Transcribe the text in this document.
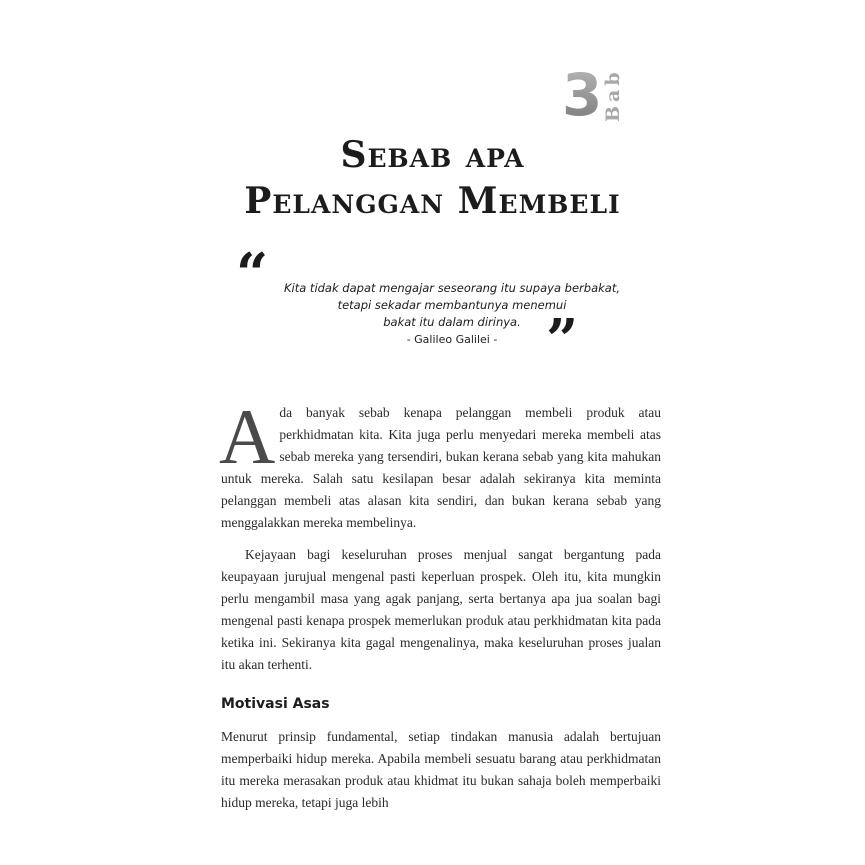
3 Bab
Sebab apa
Pelanggan Membeli
“	Kita tidak dapat mengajar seseorang itu supaya berbakat,
tetapi sekadar membantunya menemui
bakat itu dalam dirinya.
- Galileo Galilei - ”

Ada banyak sebab kenapa pelanggan membeli produk atau perkhidmatan kita. Kita juga perlu menyedari mereka membeli atas sebab mereka yang tersendiri, bukan kerana sebab yang kita mahukan untuk mereka. Salah satu kesilapan besar adalah sekiranya kita meminta pelanggan membeli atas alasan kita sendiri, dan bukan kerana sebab yang menggalakkan mereka membelinya.

Kejayaan bagi keseluruhan proses menjual sangat bergantung pada keupayaan jurujual mengenal pasti keperluan prospek. Oleh itu, kita mungkin perlu mengambil masa yang agak panjang, serta bertanya apa jua soalan bagi mengenal pasti kenapa prospek memerlukan produk atau perkhidmatan kita pada ketika ini. Sekiranya kita gagal mengenalinya, maka keseluruhan proses jualan itu akan terhenti.

Motivasi Asas

Menurut prinsip fundamental, setiap tindakan manusia adalah bertujuan memperbaiki hidup mereka. Apabila membeli sesuatu barang atau perkhidmatan itu mereka merasakan produk atau khidmat itu bukan sahaja boleh memperbaiki hidup mereka, tetapi juga lebih
